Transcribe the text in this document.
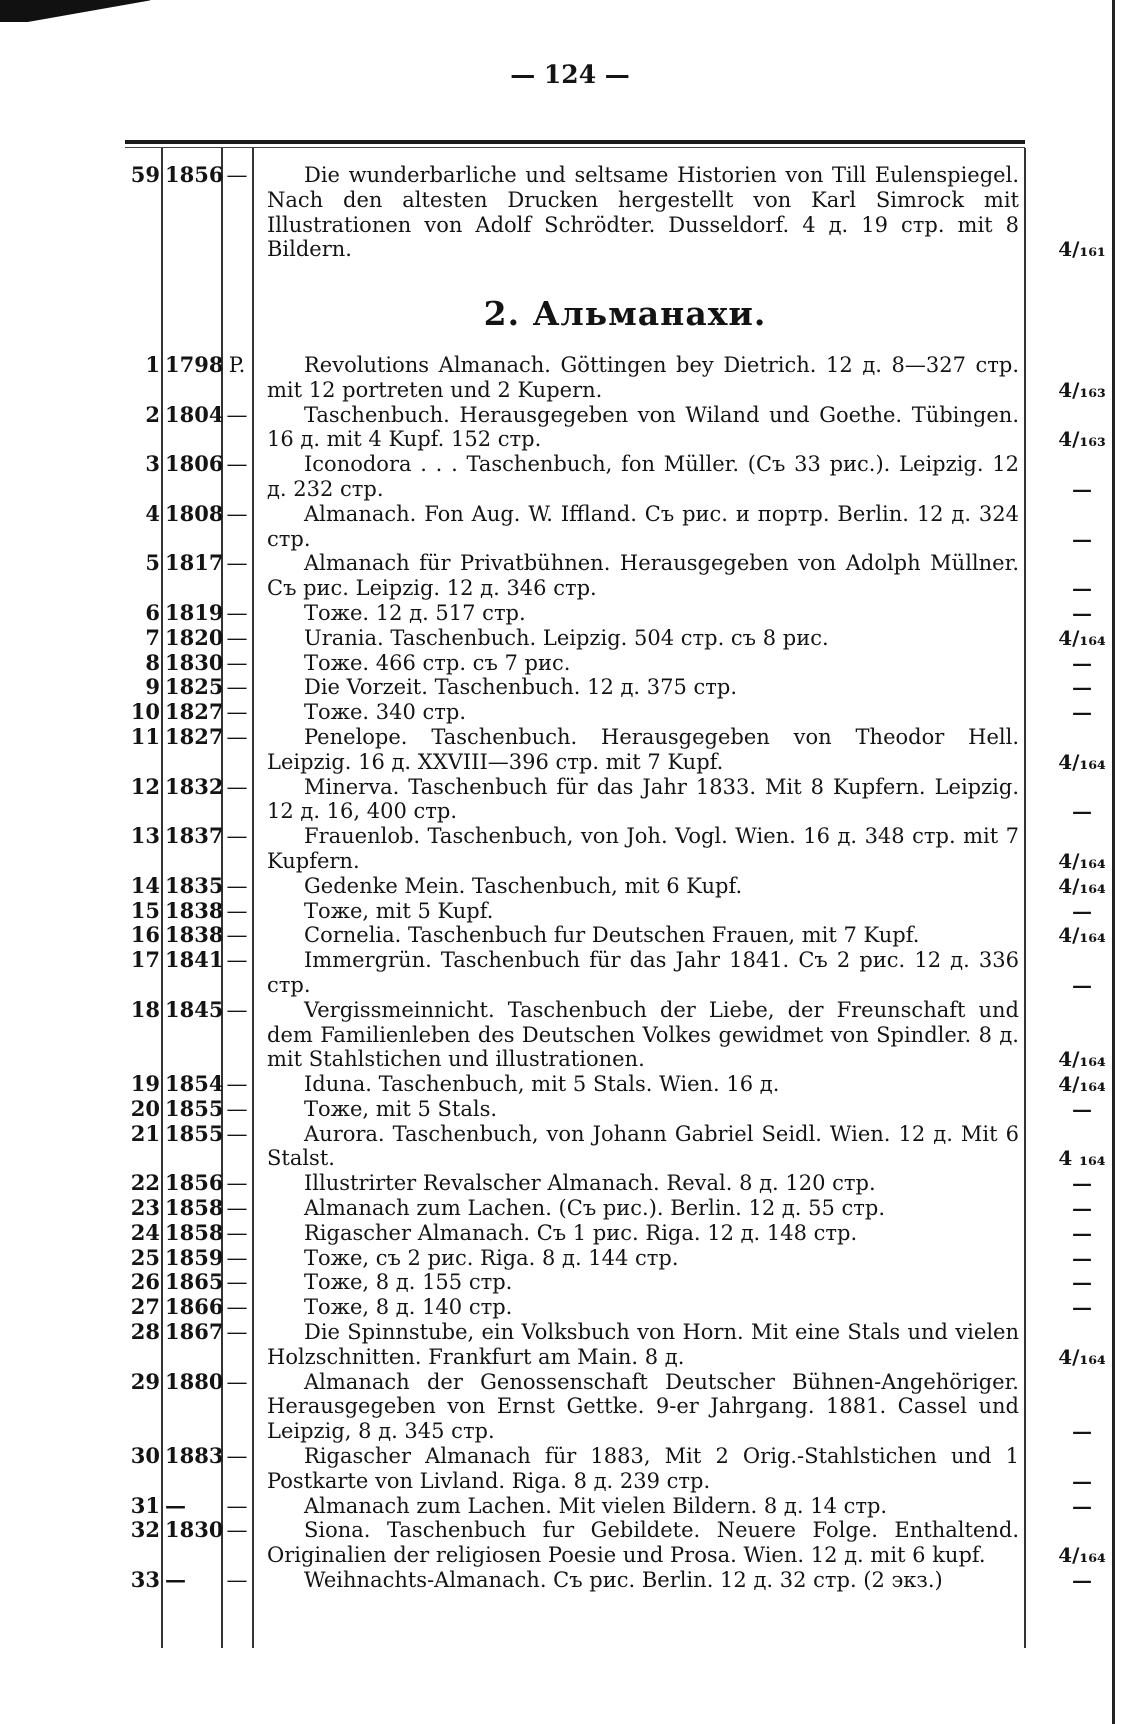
— 124 —
59 1856 —	Die wunderbarliche und seltsame Historien von Till Eulenspiegel. Nach den altesten Drucken hergestellt von Karl Simrock mit Illustrationen von Adolf Schrödter. Dusseldorf. 4 д. 19 стр. mit 8 Bildern.	4/₁₆₁
2. Альманахи.
1 1798 P.	Revolutions Almanach. Göttingen bey Dietrich. 12 д. 8—327 стр. mit 12 portreten und 2 Kupern.	4/₁₆₃
2 1804 —	Taschenbuch. Herausgegeben von Wiland und Goethe. Tübingen. 16 д. mit 4 Kupf. 152 стр.	4/₁₆₃
3 1806 —	Iconodora . . . Taschenbuch, fon Müller. (Съ 33 рис.). Leipzig. 12 д. 232 стр.	—
4 1808 —	Almanach. Fon Aug. W. Iffland. Съ рис. и портр. Berlin. 12 д. 324 стр.	—
5 1817 —	Almanach für Privatbühnen. Herausgegeben von Adolph Müllner. Съ рис. Leipzig. 12 д. 346 стр.	—
6 1819 —	Тоже. 12 д. 517 стр.	—
7 1820 —	Urania. Taschenbuch. Leipzig. 504 стр. съ 8 рис.	4/₁₆₄
8 1830 —	Тоже. 466 стр. съ 7 рис.	—
9 1825 —	Die Vorzeit. Taschenbuch. 12 д. 375 стр.	—
10 1827 —	Тоже. 340 стр.	—
11 1827 —	Penelope. Taschenbuch. Herausgegeben von Theodor Hell. Leipzig. 16 д. XXVIII—396 стр. mit 7 Kupf.	4/₁₆₄
12 1832 —	Minerva. Taschenbuch für das Jahr 1833. Mit 8 Kupfern. Leipzig. 12 д. 16, 400 стр.	—
13 1837 —	Frauenlob. Taschenbuch, von Joh. Vogl. Wien. 16 д. 348 стр. mit 7 Kupfern.	4/₁₆₄
14 1835 —	Gedenke Mein. Taschenbuch, mit 6 Kupf.	4/₁₆₄
15 1838 —	Тоже, mit 5 Kupf.	—
16 1838 —	Cornelia. Taschenbuch fur Deutschen Frauen, mit 7 Kupf.	4/₁₆₄
17 1841 —	Immergrün. Taschenbuch für das Jahr 1841. Съ 2 рис. 12 д. 336 стр.	—
18 1845 —	Vergissmeinnicht. Taschenbuch der Liebe, der Freunschaft und dem Familienleben des Deutschen Volkes gewidmet von Spindler. 8 д. mit Stahlstichen und illustrationen.	4/₁₆₄
19 1854 —	Iduna. Taschenbuch, mit 5 Stals. Wien. 16 д.	4/₁₆₄
20 1855 —	Тоже, mit 5 Stals.	—
21 1855 —	Aurora. Taschenbuch, von Johann Gabriel Seidl. Wien. 12 д. Mit 6 Stalst.	4 ₁₆₄
22 1856 —	Illustrirter Revalscher Almanach. Reval. 8 д. 120 стр.	—
23 1858 —	Almanach zum Lachen. (Съ рис.). Berlin. 12 д. 55 стр.	—
24 1858 —	Rigascher Almanach. Съ 1 рис. Riga. 12 д. 148 стр.	—
25 1859 —	Тоже, съ 2 рис. Riga. 8 д. 144 стр.	—
26 1865 —	Тоже, 8 д. 155 стр.	—
27 1866 —	Тоже, 8 д. 140 стр.	—
28 1867 —	Die Spinnstube, ein Volksbuch von Horn. Mit eine Stals und vielen Holzschnitten. Frankfurt am Main. 8 д.	4/₁₆₄
29 1880 —	Almanach der Genossenschaft Deutscher Bühnen-Angehöriger. Herausgegeben von Ernst Gettke. 9-er Jahrgang. 1881. Cassel und Leipzig, 8 д. 345 стр.	—
30 1883 —	Rigascher Almanach für 1883, Mit 2 Orig.-Stahlstichen und 1 Postkarte von Livland. Riga. 8 д. 239 стр.	—
31 —	—	Almanach zum Lachen. Mit vielen Bildern. 8 д. 14 стр.	—
32 1830 —	Siona. Taschenbuch fur Gebildete. Neuere Folge. Enthaltend. Originalien der religiosen Poesie und Prosa. Wien. 12 д. mit 6 kupf.	4/₁₆₄
33 —	—	Weihnachts-Almanach. Съ рис. Berlin. 12 д. 32 стр. (2 экз.)	—
